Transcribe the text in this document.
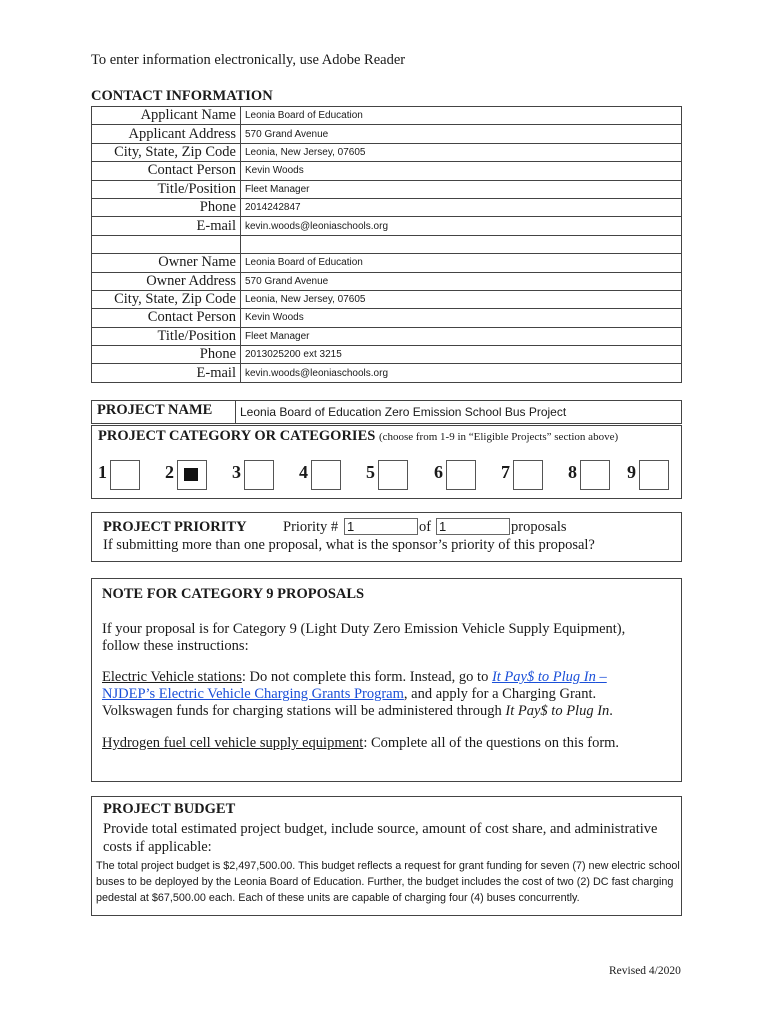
To enter information electronically, use Adobe Reader
CONTACT INFORMATION
Applicant Name	Leonia Board of Education
Applicant Address	570 Grand Avenue
City, State, Zip Code	Leonia, New Jersey, 07605
Contact Person	Kevin Woods
Title/Position	Fleet Manager
Phone	2014242847
E-mail	kevin.woods@leoniaschools.org

Owner Name	Leonia Board of Education
Owner Address	570 Grand Avenue
City, State, Zip Code	Leonia, New Jersey, 07605
Contact Person	Kevin Woods
Title/Position	Fleet Manager
Phone	2013025200 ext 3215
E-mail	kevin.woods@leoniaschools.org
PROJECT NAME Leonia Board of Education Zero Emission School Bus Project
PROJECT CATEGORY OR CATEGORIES (choose from 1-9 in “Eligible Projects” section above)
1	2	3	4	5	6	7	8	9
PROJECT PRIORITY	Priority # 1	of 1	proposals
If submitting more than one proposal, what is the sponsor’s priority of this proposal?
NOTE FOR CATEGORY 9 PROPOSALS
If your proposal is for Category 9 (Light Duty Zero Emission Vehicle Supply Equipment), follow these instructions:
Electric Vehicle stations: Do not complete this form. Instead, go to It Pay$ to Plug In – NJDEP’s Electric Vehicle Charging Grants Program, and apply for a Charging Grant. Volkswagen funds for charging stations will be administered through It Pay$ to Plug In.
Hydrogen fuel cell vehicle supply equipment: Complete all of the questions on this form.
PROJECT BUDGET
Provide total estimated project budget, include source, amount of cost share, and administrative costs if applicable:
The total project budget is $2,497,500.00. This budget reflects a request for grant funding for seven (7) new electric school buses to be deployed by the Leonia Board of Education. Further, the budget includes the cost of two (2) DC fast charging pedestal at $67,500.00 each. Each of these units are capable of charging four (4) buses concurrently.
Revised 4/2020
